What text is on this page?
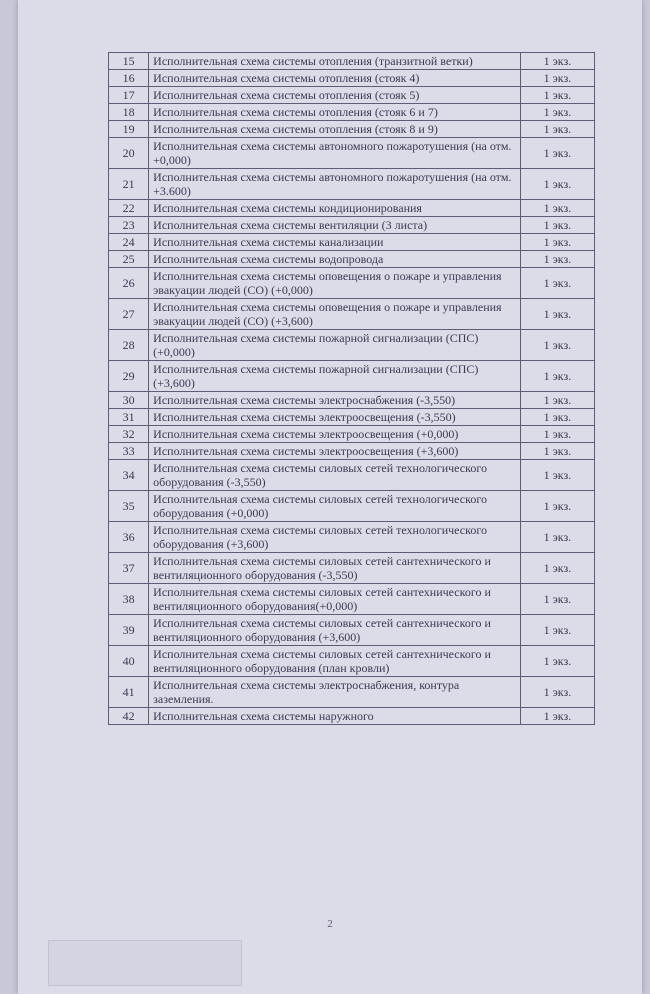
15	Исполнительная схема системы отопления (транзитной ветки)	1 экз.
16	Исполнительная схема системы отопления (стояк 4)	1 экз.
17	Исполнительная схема системы отопления (стояк 5)	1 экз.
18	Исполнительная схема системы отопления (стояк 6 и 7)	1 экз.
19	Исполнительная схема системы отопления (стояк 8 и 9)	1 экз.
20	Исполнительная схема системы автономного пожаротушения (на отм. +0,000)	1 экз.
21	Исполнительная схема системы автономного пожаротушения (на отм. +3.600)	1 экз.
22	Исполнительная схема системы кондиционирования	1 экз.
23	Исполнительная схема системы вентиляции (3 листа)	1 экз.
24	Исполнительная схема системы канализации	1 экз.
25	Исполнительная схема системы водопровода	1 экз.
26	Исполнительная схема системы оповещения о пожаре и управления эвакуации людей (СО) (+0,000)	1 экз.
27	Исполнительная схема системы оповещения о пожаре и управления эвакуации людей (СО) (+3,600)	1 экз.
28	Исполнительная схема системы пожарной сигнализации (СПС) (+0,000)	1 экз.
29	Исполнительная схема системы пожарной сигнализации (СПС) (+3,600)	1 экз.
30	Исполнительная схема системы электроснабжения (-3,550)	1 экз.
31	Исполнительная схема системы электроосвещения (-3,550)	1 экз.
32	Исполнительная схема системы электроосвещения (+0,000)	1 экз.
33	Исполнительная схема системы электроосвещения (+3,600)	1 экз.
34	Исполнительная схема системы силовых сетей технологического оборудования (-3,550)	1 экз.
35	Исполнительная схема системы силовых сетей технологического оборудования (+0,000)	1 экз.
36	Исполнительная схема системы силовых сетей технологического оборудования (+3,600)	1 экз.
37	Исполнительная схема системы силовых сетей сантехнического и вентиляционного оборудования (-3,550)	1 экз.
38	Исполнительная схема системы силовых сетей сантехнического и вентиляционного оборудования(+0,000)	1 экз.
39	Исполнительная схема системы силовых сетей сантехнического и вентиляционного оборудования (+3,600)	1 экз.
40	Исполнительная схема системы силовых сетей сантехнического и вентиляционного оборудования (план кровли)	1 экз.
41	Исполнительная схема системы электроснабжения, контура заземления.	1 экз.
42	Исполнительная схема системы наружного	1 экз.
2
